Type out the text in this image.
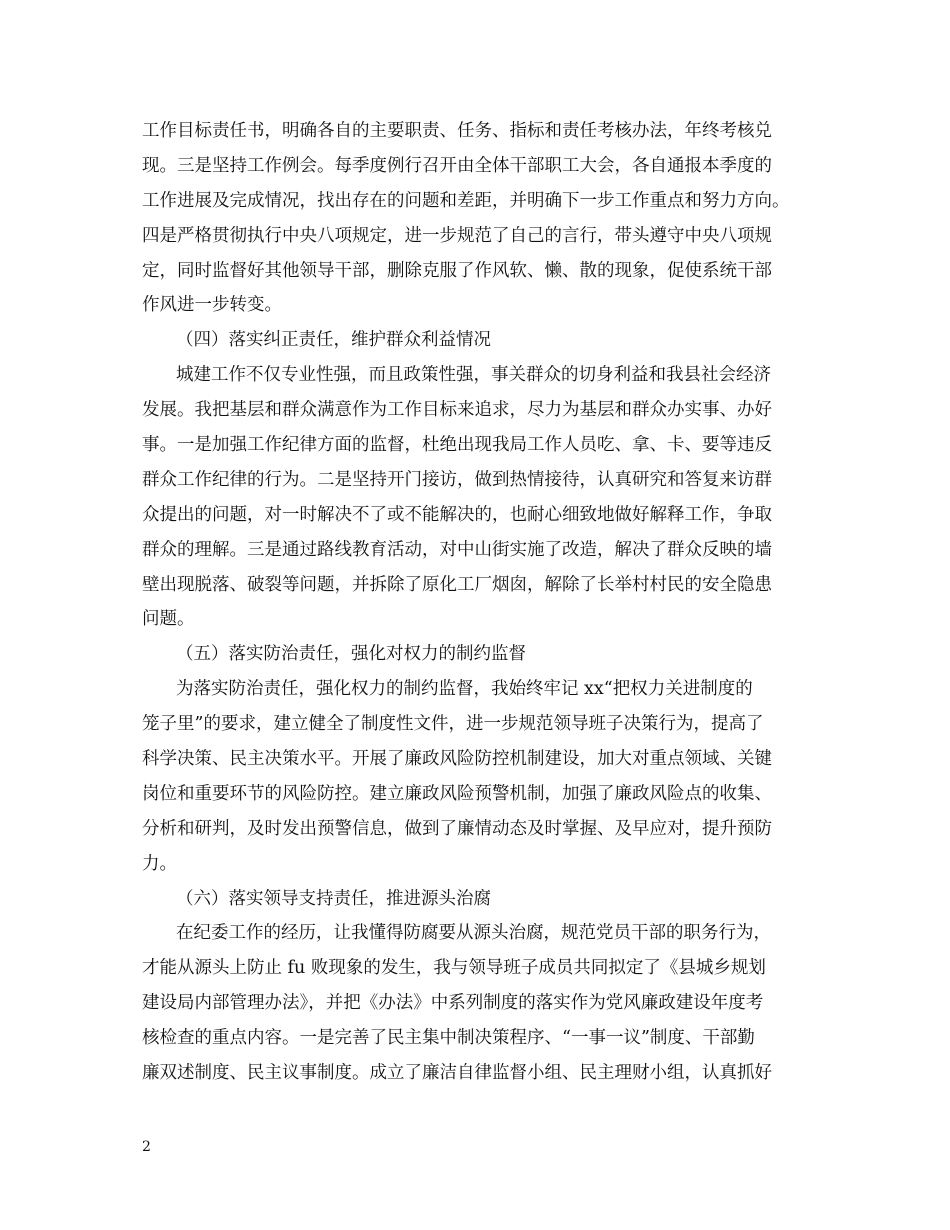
工作目标责任书，明确各自的主要职责、任务、指标和责任考核办法，年终考核兑
现。三是坚持工作例会。每季度例行召开由全体干部职工大会，各自通报本季度的
工作进展及完成情况，找出存在的问题和差距，并明确下一步工作重点和努力方向。
四是严格贯彻执行中央八项规定，进一步规范了自己的言行，带头遵守中央八项规
定，同时监督好其他领导干部，删除克服了作风软、懒、散的现象，促使系统干部
作风进一步转变。
（四）落实纠正责任，维护群众利益情况
城建工作不仅专业性强，而且政策性强，事关群众的切身利益和我县社会经济
发展。我把基层和群众满意作为工作目标来追求，尽力为基层和群众办实事、办好
事。一是加强工作纪律方面的监督，杜绝出现我局工作人员吃、拿、卡、要等违反
群众工作纪律的行为。二是坚持开门接访，做到热情接待，认真研究和答复来访群
众提出的问题，对一时解决不了或不能解决的，也耐心细致地做好解释工作，争取
群众的理解。三是通过路线教育活动，对中山街实施了改造，解决了群众反映的墙
壁出现脱落、破裂等问题，并拆除了原化工厂烟囱，解除了长举村村民的安全隐患
问题。
（五）落实防治责任，强化对权力的制约监督
为落实防治责任，强化权力的制约监督，我始终牢记 xx“把权力关进制度的
笼子里”的要求，建立健全了制度性文件，进一步规范领导班子决策行为，提高了
科学决策、民主决策水平。开展了廉政风险防控机制建设，加大对重点领域、关键
岗位和重要环节的风险防控。建立廉政风险预警机制，加强了廉政风险点的收集、
分析和研判，及时发出预警信息，做到了廉情动态及时掌握、及早应对，提升预防
力。
（六）落实领导支持责任，推进源头治腐
在纪委工作的经历，让我懂得防腐要从源头治腐，规范党员干部的职务行为，
才能从源头上防止 fu 败现象的发生，我与领导班子成员共同拟定了《县城乡规划
建设局内部管理办法》，并把《办法》中系列制度的落实作为党风廉政建设年度考
核检查的重点内容。一是完善了民主集中制决策程序、“一事一议”制度、干部勤
廉双述制度、民主议事制度。成立了廉洁自律监督小组、民主理财小组，认真抓好
2
